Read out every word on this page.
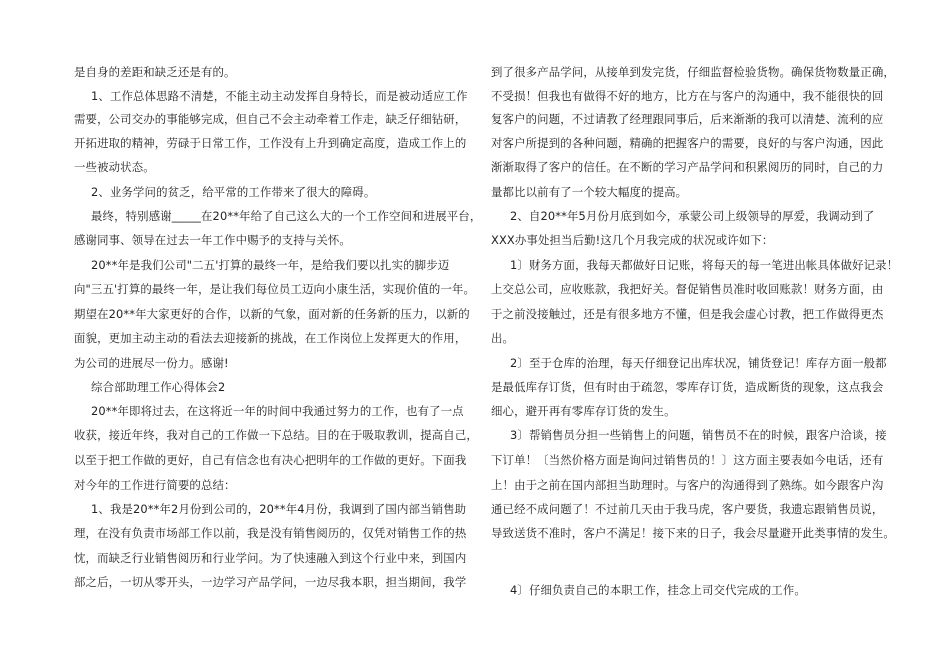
是自身的差距和缺乏还是有的。
1、工作总体思路不清楚，不能主动主动发挥自身特长，而是被动适应工作
需要，公司交办的事能够完成，但自己不会主动牵着工作走，缺乏仔细钻研，
开拓进取的精神，劳碌于日常工作，工作没有上升到确定高度，造成工作上的
一些被动状态。
2、业务学问的贫乏，给平常的工作带来了很大的障碍。
最终，特别感谢_____在20**年给了自己这么大的一个工作空间和进展平台，
感谢同事、领导在过去一年工作中赐予的支持与关怀。
20**年是我们公司"二五'打算的最终一年，是给我们要以扎实的脚步迈
向"三五'打算的最终一年，是让我们每位员工迈向小康生活，实现价值的一年。
期望在20**年大家更好的合作，以新的气象，面对新的任务新的压力，以新的
面貌，更加主动主动的看法去迎接新的挑战，在工作岗位上发挥更大的作用，
为公司的进展尽一份力。感谢!
综合部助理工作心得体会2
20**年即将过去，在这将近一年的时间中我通过努力的工作，也有了一点
收获，接近年终，我对自己的工作做一下总结。目的在于吸取教训，提高自己，
以至于把工作做的更好，自己有信念也有决心把明年的工作做的更好。下面我
对今年的工作进行简要的总结：
1、我是20**年2月份到公司的，20**年4月份，我调到了国内部当销售助
理，在没有负责市场部工作以前，我是没有销售阅历的，仅凭对销售工作的热
忱，而缺乏行业销售阅历和行业学问。为了快速融入到这个行业中来，到国内
部之后，一切从零开头，一边学习产品学问，一边尽我本职，担当期间，我学
到了很多产品学问，从接单到发完货，仔细监督检验货物。确保货物数量正确，
不受损！但我也有做得不好的地方，比方在与客户的沟通中，我不能很快的回
复客户的问题，不过请教了经理跟同事后，后来渐渐的我可以清楚、流利的应
对客户所提到的各种问题，精确的把握客户的需要，良好的与客户沟通，因此
渐渐取得了客户的信任。在不断的学习产品学问和积累阅历的同时，自己的力
量都比以前有了一个较大幅度的提高。
2、自20**年5月份月底到如今，承蒙公司上级领导的厚爱，我调动到了
XXX办事处担当后勤!这几个月我完成的状况或许如下：
1〕财务方面，我每天都做好日记账，将每天的每一笔进出帐具体做好记录！
上交总公司，应收账款，我把好关。督促销售员准时收回账款！财务方面，由
于之前没接触过，还是有很多地方不懂，但是我会虚心讨教，把工作做得更杰
出。
2〕至于仓库的治理，每天仔细登记出库状况，铺货登记！库存方面一般都
是最低库存订货，但有时由于疏忽，零库存订货，造成断货的现象，这点我会
细心，避开再有零库存订货的发生。
3〕帮销售员分担一些销售上的问题，销售员不在的时候，跟客户洽谈，接
下订单！〔当然价格方面是询问过销售员的！〕这方面主要表如今电话，还有
上！由于之前在国内部担当助理时。与客户的沟通得到了熟练。如今跟客户沟
通已经不成问题了！不过前几天由于我马虎，客户要货，我遗忘跟销售员说，
导致送货不准时，客户不满足！接下来的日子，我会尽量避开此类事情的发生。
4〕仔细负责自己的本职工作，挂念上司交代完成的工作。
